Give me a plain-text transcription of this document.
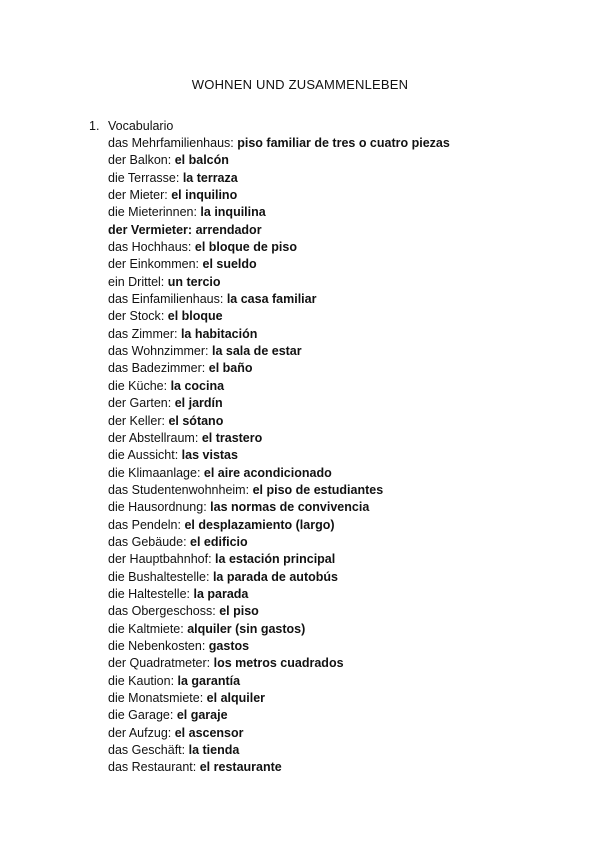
WOHNEN UND ZUSAMMENLEBEN
1. Vocabulario
das Mehrfamilienhaus: piso familiar de tres o cuatro piezas
der Balkon: el balcón
die Terrasse: la terraza
der Mieter: el inquilino
die Mieterinnen: la inquilina
der Vermieter: arrendador
das Hochhaus: el bloque de piso
der Einkommen: el sueldo
ein Drittel: un tercio
das Einfamilienhaus: la casa familiar
der Stock: el bloque
das Zimmer: la habitación
das Wohnzimmer: la sala de estar
das Badezimmer: el baño
die Küche: la cocina
der Garten: el jardín
der Keller: el sótano
der Abstellraum: el trastero
die Aussicht: las vistas
die Klimaanlage: el aire acondicionado
das Studentenwohnheim: el piso de estudiantes
die Hausordnung: las normas de convivencia
das Pendeln: el desplazamiento (largo)
das Gebäude: el edificio
der Hauptbahnhof: la estación principal
die Bushaltestelle: la parada de autobús
die Haltestelle: la parada
das Obergeschoss: el piso
die Kaltmiete: alquiler (sin gastos)
die Nebenkosten: gastos
der Quadratmeter: los metros cuadrados
die Kaution: la garantía
die Monatsmiete: el alquiler
die Garage: el garaje
der Aufzug: el ascensor
das Geschäft: la tienda
das Restaurant: el restaurante
